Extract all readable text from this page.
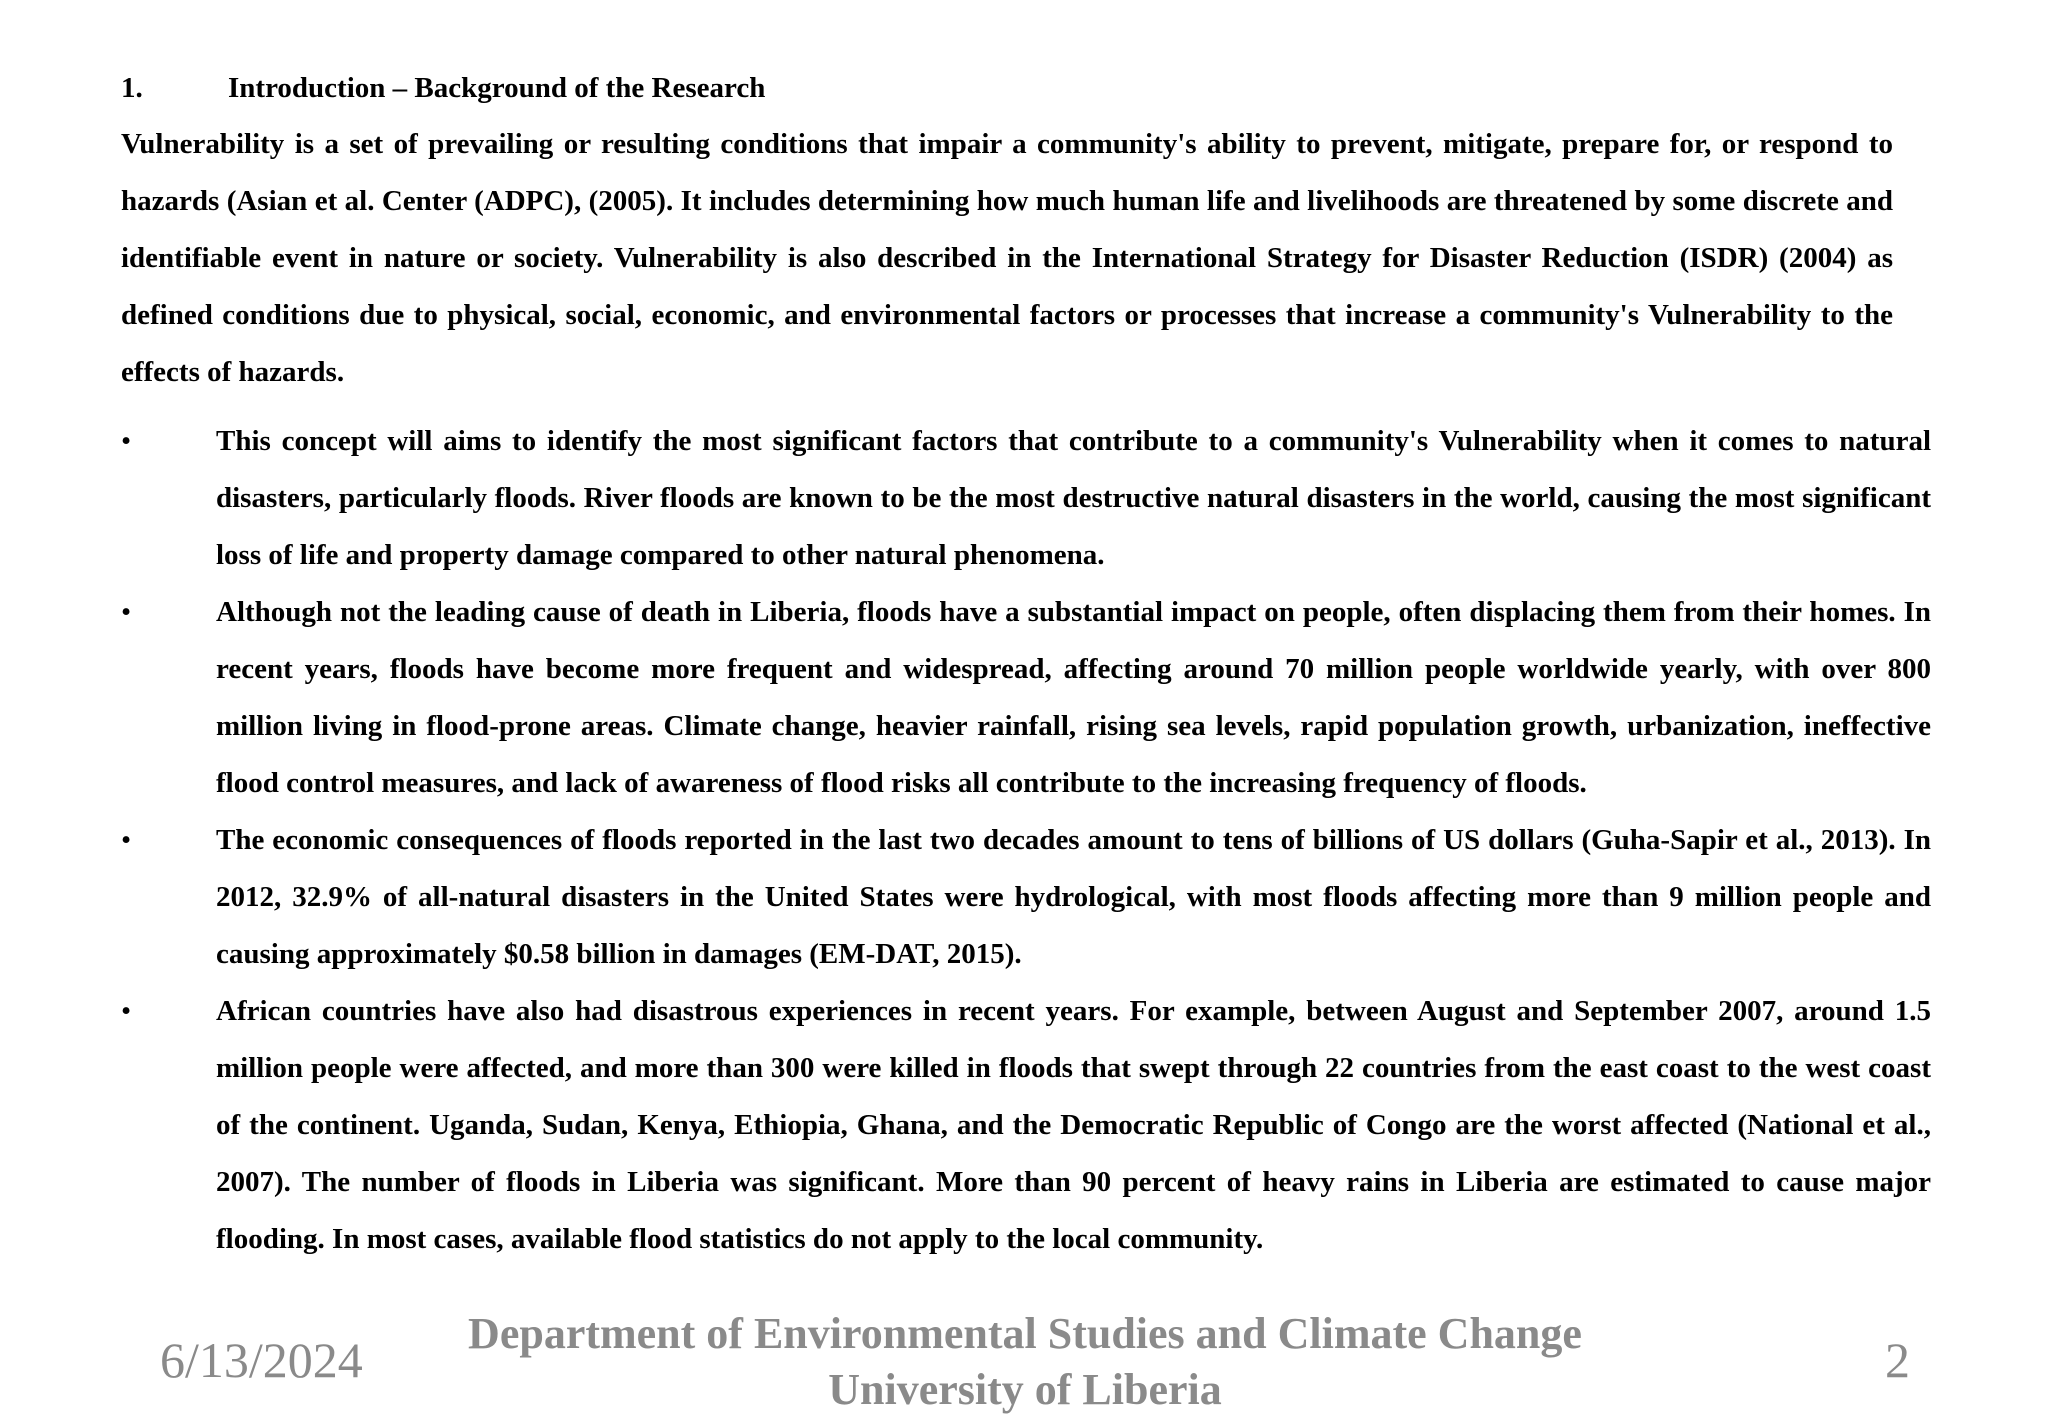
1.	Introduction – Background of the Research

Vulnerability is a set of prevailing or resulting conditions that impair a community's ability to prevent, mitigate, prepare for, or respond to hazards (Asian et al. Center (ADPC), (2005). It includes determining how much human life and livelihoods are threatened by some discrete and identifiable event in nature or society. Vulnerability is also described in the International Strategy for Disaster Reduction (ISDR) (2004) as defined conditions due to physical, social, economic, and environmental factors or processes that increase a community's Vulnerability to the effects of hazards.

•	This concept will aims to identify the most significant factors that contribute to a community's Vulnerability when it comes to natural disasters, particularly floods. River floods are known to be the most destructive natural disasters in the world, causing the most significant loss of life and property damage compared to other natural phenomena.
•	Although not the leading cause of death in Liberia, floods have a substantial impact on people, often displacing them from their homes. In recent years, floods have become more frequent and widespread, affecting around 70 million people worldwide yearly, with over 800 million living in flood-prone areas. Climate change, heavier rainfall, rising sea levels, rapid population growth, urbanization, ineffective flood control measures, and lack of awareness of flood risks all contribute to the increasing frequency of floods.
•	The economic consequences of floods reported in the last two decades amount to tens of billions of US dollars (Guha-Sapir et al., 2013). In 2012, 32.9% of all-natural disasters in the United States were hydrological, with most floods affecting more than 9 million people and causing approximately $0.58 billion in damages (EM-DAT, 2015).
•	African countries have also had disastrous experiences in recent years. For example, between August and September 2007, around 1.5 million people were affected, and more than 300 were killed in floods that swept through 22 countries from the east coast to the west coast of the continent. Uganda, Sudan, Kenya, Ethiopia, Ghana, and the Democratic Republic of Congo are the worst affected (National et al., 2007). The number of floods in Liberia was significant. More than 90 percent of heavy rains in Liberia are estimated to cause major flooding. In most cases, available flood statistics do not apply to the local community.
6/13/2024	Department of Environmental Studies and Climate Change
University of Liberia
2
